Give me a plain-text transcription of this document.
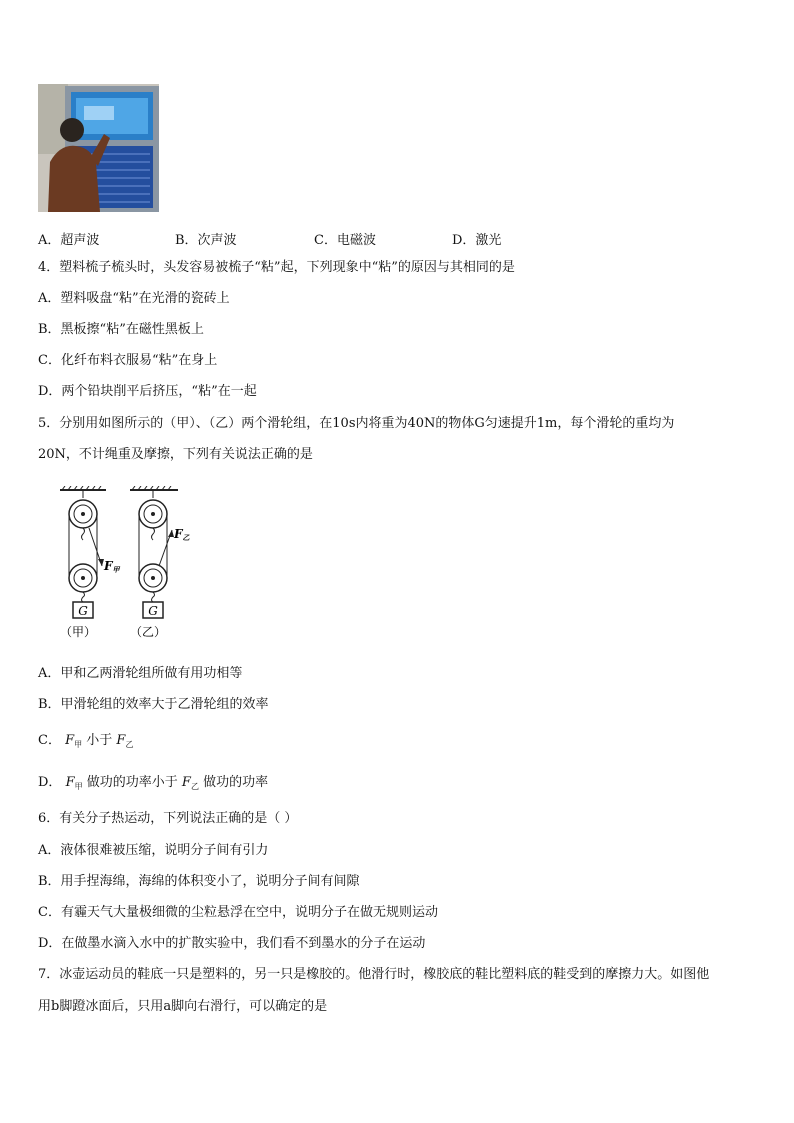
A．超声波	B．次声波	C．电磁波	D．激光
4．塑料梳子梳头时，头发容易被梳子“粘”起，下列现象中“粘”的原因与其相同的是
A．塑料吸盘“粘”在光滑的瓷砖上
B．黑板擦“粘”在磁性黑板上
C．化纤布料衣服易“粘”在身上
D．两个铅块削平后挤压，“粘”在一起
5．分别用如图所示的（甲）、（乙）两个滑轮组，在10s内将重为40N的物体G匀速提升1m，每个滑轮的重均为
20N，不计绳重及摩擦，下列有关说法正确的是
G
F甲
（甲）
G
F乙
（乙）
A．甲和乙两滑轮组所做有用功相等
B．甲滑轮组的效率大于乙滑轮组的效率
C． $F_甲$ 小于 $F_乙$
D． $F_甲$ 做功的功率小于 $F_乙$ 做功的功率
6．有关分子热运动，下列说法正确的是（ ）
A．液体很难被压缩，说明分子间有引力
B．用手捏海绵，海绵的体积变小了，说明分子间有间隙
C．有霾天气大量极细微的尘粒悬浮在空中，说明分子在做无规则运动
D．在做墨水滴入水中的扩散实验中，我们看不到墨水的分子在运动
7．冰壶运动员的鞋底一只是塑料的，另一只是橡胶的。他滑行时，橡胶底的鞋比塑料底的鞋受到的摩擦力大。如图他
用b脚蹬冰面后，只用a脚向右滑行，可以确定的是
